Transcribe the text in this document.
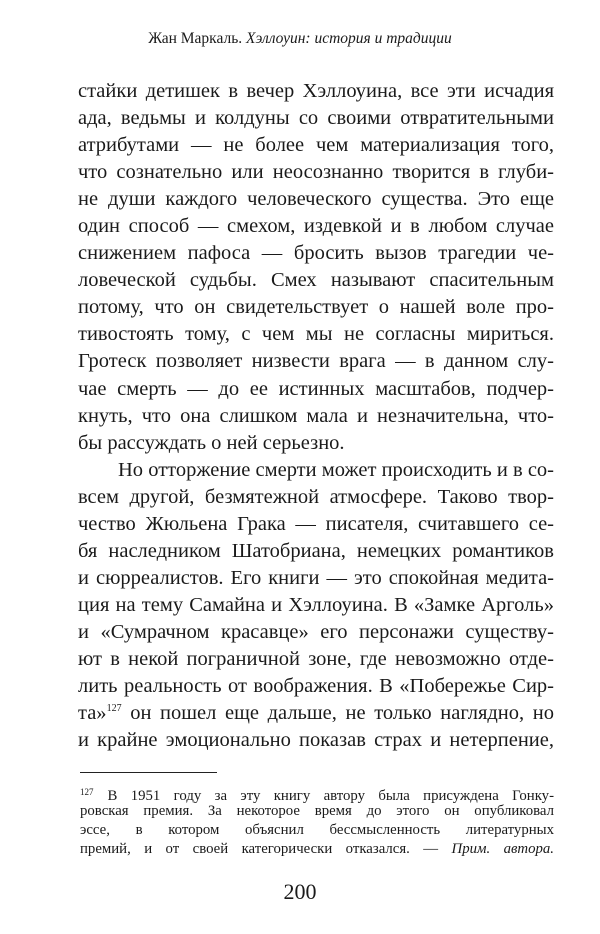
Жан Маркаль. Хэллоуин: история и традиции
стайки детишек в вечер Хэллоуина, все эти исчадия
ада, ведьмы и колдуны со своими отвратительными
атрибутами — не более чем материализация того,
что сознательно или неосознанно творится в глуби-
не души каждого человеческого существа. Это еще
один способ — смехом, издевкой и в любом случае
снижением пафоса — бросить вызов трагедии че-
ловеческой судьбы. Смех называют спасительным
потому, что он свидетельствует о нашей воле про-
тивостоять тому, с чем мы не согласны мириться.
Гротеск позволяет низвести врага — в данном слу-
чае смерть — до ее истинных масштабов, подчер-
кнуть, что она слишком мала и незначительна, что-
бы рассуждать о ней серьезно.
Но отторжение смерти может происходить и в со-
всем другой, безмятежной атмосфере. Таково твор-
чество Жюльена Грака — писателя, считавшего се-
бя наследником Шатобриана, немецких романтиков
и сюрреалистов. Его книги — это спокойная медита-
ция на тему Самайна и Хэллоуина. В «Замке Арголь»
и «Сумрачном красавце» его персонажи существу-
ют в некой пограничной зоне, где невозможно отде-
лить реальность от воображения. В «Побережье Сир-
та»$^{127}$ он пошел еще дальше, не только наглядно, но
и крайне эмоционально показав страх и нетерпение,
$^{127}$ В 1951 году за эту книгу автору была присуждена Гонку-
ровская премия. За некоторое время до этого он опубликовал
эссе, в котором объяснил бессмысленность литературных
премий, и от своей категорически отказался. — Прим. автора.
200
